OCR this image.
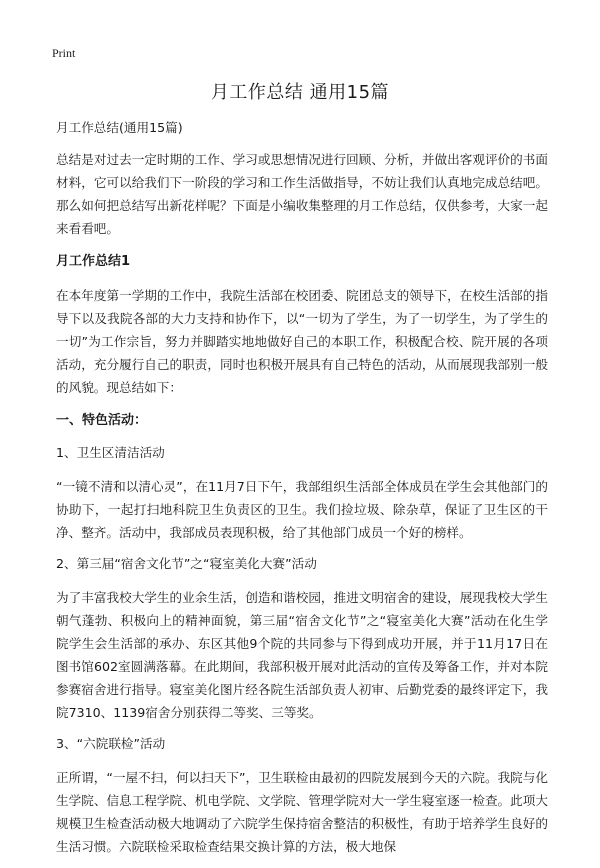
Print
月工作总结 通用15篇
月工作总结(通用15篇)

总结是对过去一定时期的工作、学习或思想情况进行回顾、分析，并做出客观评价的书面材料，它可以给我们下一阶段的学习和工作生活做指导，不妨让我们认真地完成总结吧。那么如何把总结写出新花样呢？下面是小编收集整理的月工作总结，仅供参考，大家一起来看看吧。

月工作总结1

在本年度第一学期的工作中，我院生活部在校团委、院团总支的领导下，在校生活部的指导下以及我院各部的大力支持和协作下，以“一切为了学生，为了一切学生，为了学生的一切”为工作宗旨，努力并脚踏实地地做好自己的本职工作，积极配合校、院开展的各项活动，充分履行自己的职责，同时也积极开展具有自己特色的活动，从而展现我部别一般的风貌。现总结如下：

一、特色活动：
1、卫生区清洁活动

“一镜不清和以清心灵”，在11月7日下午，我部组织生活部全体成员在学生会其他部门的协助下，一起打扫地科院卫生负责区的卫生。我们捡垃圾、除杂草，保证了卫生区的干净、整齐。活动中，我部成员表现积极，给了其他部门成员一个好的榜样。

2、第三届“宿舍文化节”之“寝室美化大赛”活动

为了丰富我校大学生的业余生活，创造和谐校园，推进文明宿舍的建设，展现我校大学生朝气蓬勃、积极向上的精神面貌，第三届“宿舍文化节”之“寝室美化大赛”活动在化生学院学生会生活部的承办、东区其他9个院的共同参与下得到成功开展，并于11月17日在图书馆602室圆满落幕。在此期间，我部积极开展对此活动的宣传及筹备工作，并对本院参赛宿舍进行指导。寝室美化图片经各院生活部负责人初审、后勤党委的最终评定下，我院7310、1139宿舍分别获得二等奖、三等奖。

3、“六院联检”活动

正所谓，“一屋不扫，何以扫天下”，卫生联检由最初的四院发展到今天的六院。我院与化生学院、信息工程学院、机电学院、文学院、管理学院对大一学生寝室逐一检查。此项大规模卫生检查活动极大地调动了六院学生保持宿舍整洁的积极性，有助于培养学生良好的生活习惯。六院联检采取检查结果交换计算的方法，极大地保
